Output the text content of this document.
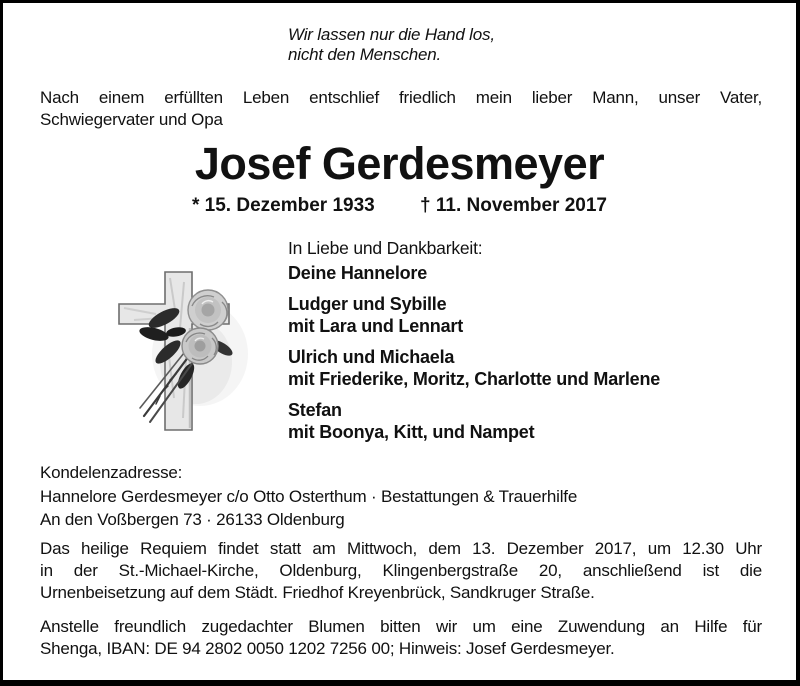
Wir lassen nur die Hand los,
nicht den Menschen.
Nach einem erfüllten Leben entschlief friedlich mein lieber Mann, unser Vater,
Schwiegervater und Opa
Josef Gerdesmeyer
* 15. Dezember 1933 † 11. November 2017
In Liebe und Dankbarkeit:
Deine Hannelore
Ludger und Sybille
mit Lara und Lennart
Ulrich und Michaela
mit Friederike, Moritz, Charlotte und Marlene
Stefan
mit Boonya, Kitt, und Nampet
Kondelenzadresse:
Hannelore Gerdesmeyer c/o Otto Osterthum · Bestattungen & Trauerhilfe
An den Voßbergen 73 · 26133 Oldenburg
Das heilige Requiem findet statt am Mittwoch, dem 13. Dezember 2017, um 12.30 Uhr
in der St.-Michael-Kirche, Oldenburg, Klingenbergstraße 20, anschließend ist die
Urnenbeisetzung auf dem Städt. Friedhof Kreyenbrück, Sandkruger Straße.
Anstelle freundlich zugedachter Blumen bitten wir um eine Zuwendung an Hilfe für
Shenga, IBAN: DE 94 2802 0050 1202 7256 00; Hinweis: Josef Gerdesmeyer.
